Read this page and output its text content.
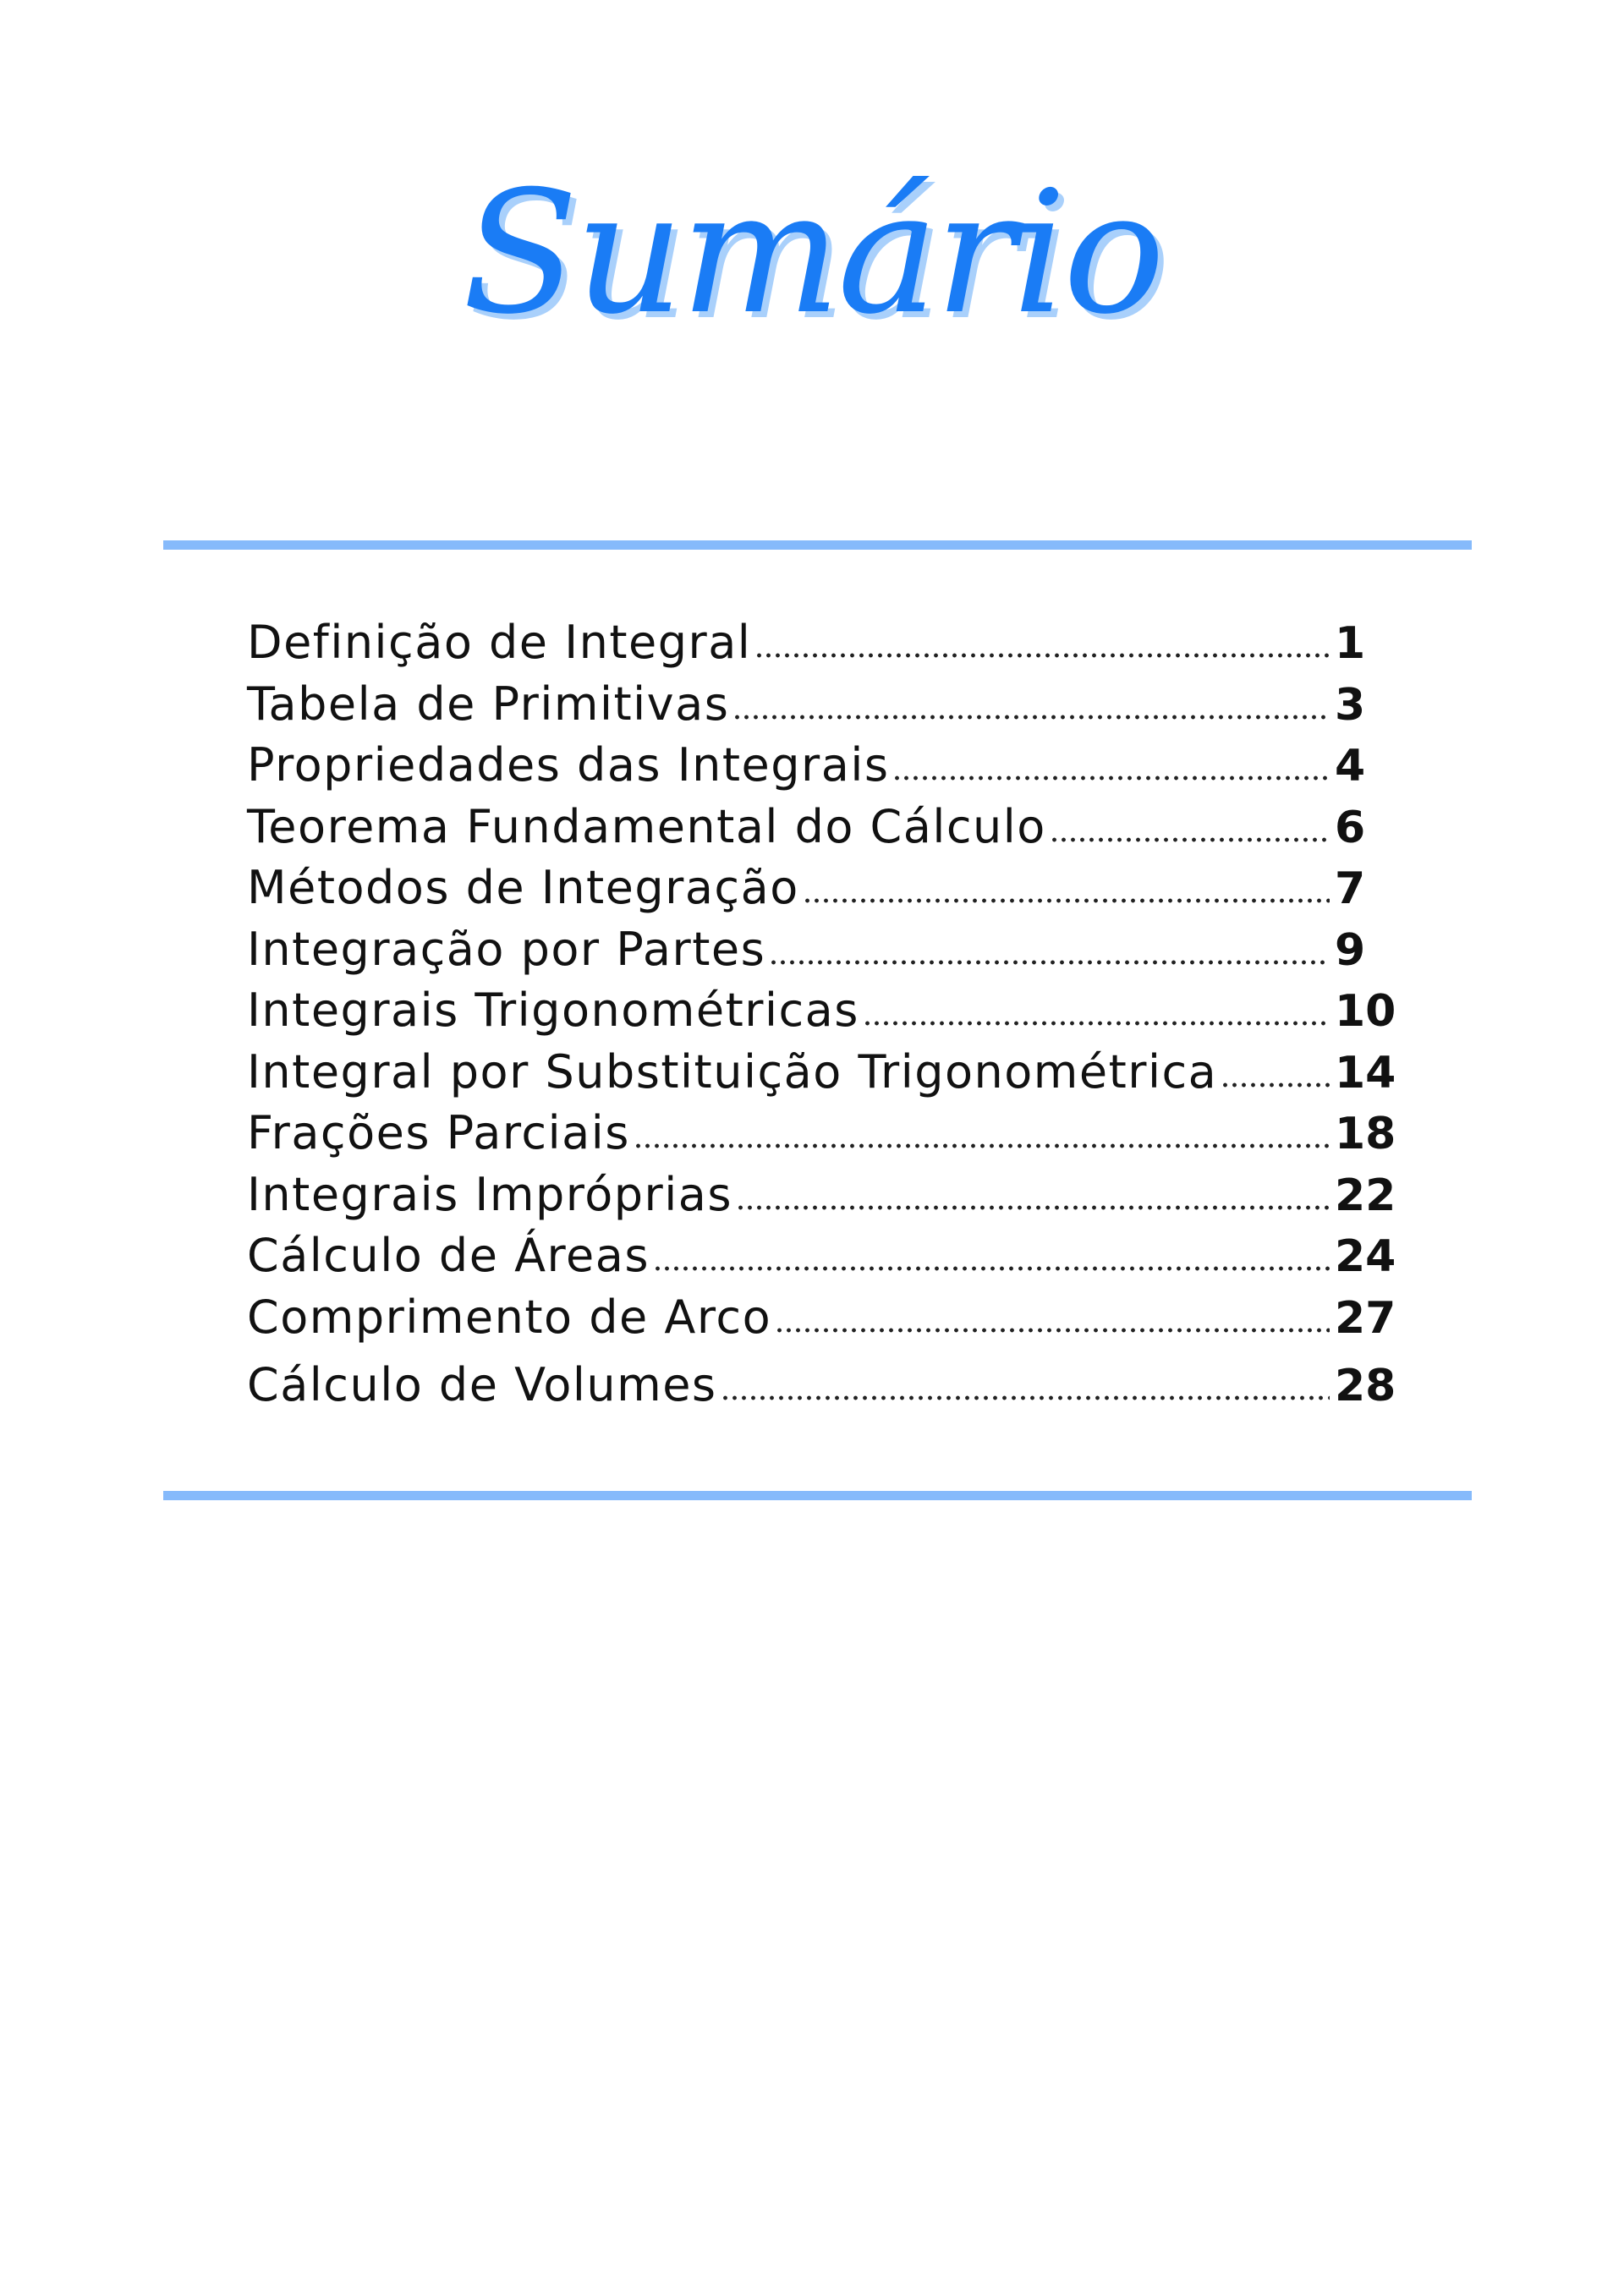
Sumário
Definição de Integral	1
Tabela de Primitivas	3
Propriedades das Integrais	4
Teorema Fundamental do Cálculo	6
Métodos de Integração	7
Integração por Partes	9
Integrais Trigonométricas	10
Integral por Substituição Trigonométrica	14
Frações Parciais	18
Integrais Impróprias	22
Cálculo de Áreas	24
Comprimento de Arco	27
Cálculo de Volumes	28
